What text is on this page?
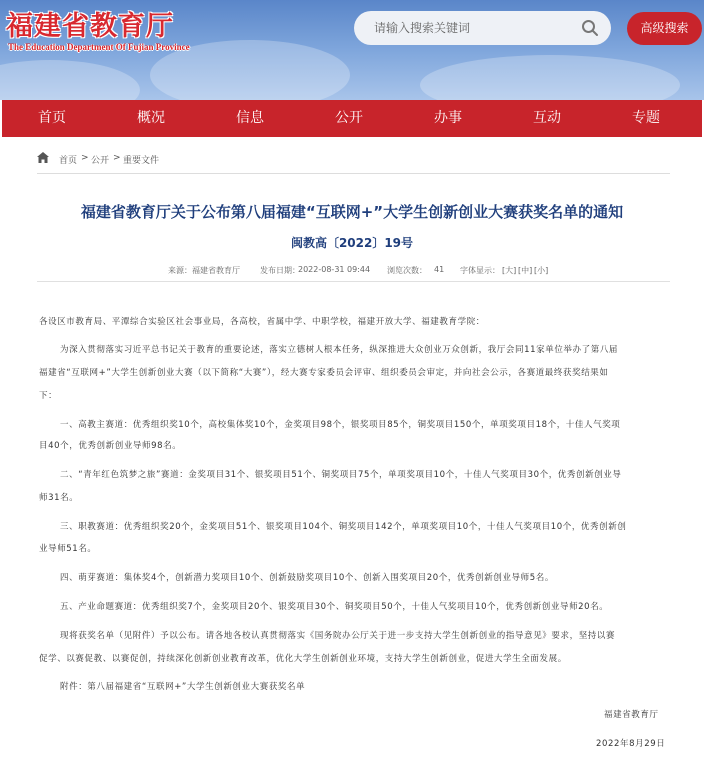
福建省教育厅
The Education Department Of Fujian Province
请输入搜索关键词
高级搜索
首页	概况	信息	公开	办事	互动	专题
首页 > 公开 > 重要文件
福建省教育厅关于公布第八届福建“互联网+”大学生创新创业大赛获奖名单的通知
闽教高〔2022〕19号
来源： 福建省教育厅	发布日期：
2022-08-31 09:44 浏览次数： 41 字体显示： [大] [中] [小]
各设区市教育局、平潭综合实验区社会事业局，各高校，省属中学、中职学校，福建开放大学、福建教育学院：
为深入贯彻落实习近平总书记关于教育的重要论述，落实立德树人根本任务，纵深推进大众创业万众创新，我厅会同11家单位举办了第八届
福建省“互联网+”大学生创新创业大赛（以下简称“大赛”），经大赛专家委员会评审、组织委员会审定，并向社会公示，各赛道最终获奖结果如
下：
一、高教主赛道：优秀组织奖10个，高校集体奖10个，金奖项目98个，银奖项目85个，铜奖项目150个，单项奖项目18个，十佳人气奖项
目40个，优秀创新创业导师98名。
二、“青年红色筑梦之旅”赛道：金奖项目31个、银奖项目51个、铜奖项目75个，单项奖项目10个，十佳人气奖项目30个，优秀创新创业导
师31名。
三、职教赛道：优秀组织奖20个，金奖项目51个、银奖项目104个、铜奖项目142个，单项奖项目10个，十佳人气奖项目10个，优秀创新创
业导师51名。
四、萌芽赛道：集体奖4个，创新潜力奖项目10个、创新鼓励奖项目10个、创新入围奖项目20个，优秀创新创业导师5名。
五、产业命题赛道：优秀组织奖7个，金奖项目20个、银奖项目30个、铜奖项目50个，十佳人气奖项目10个，优秀创新创业导师20名。
现将获奖名单（见附件）予以公布。请各地各校认真贯彻落实《国务院办公厅关于进一步支持大学生创新创业的指导意见》要求，坚持以赛
促学、以赛促教、以赛促创，持续深化创新创业教育改革，优化大学生创新创业环境，支持大学生创新创业，促进大学生全面发展。
附件：第八届福建省“互联网+”大学生创新创业大赛获奖名单
福建省教育厅
2022年8月29日
